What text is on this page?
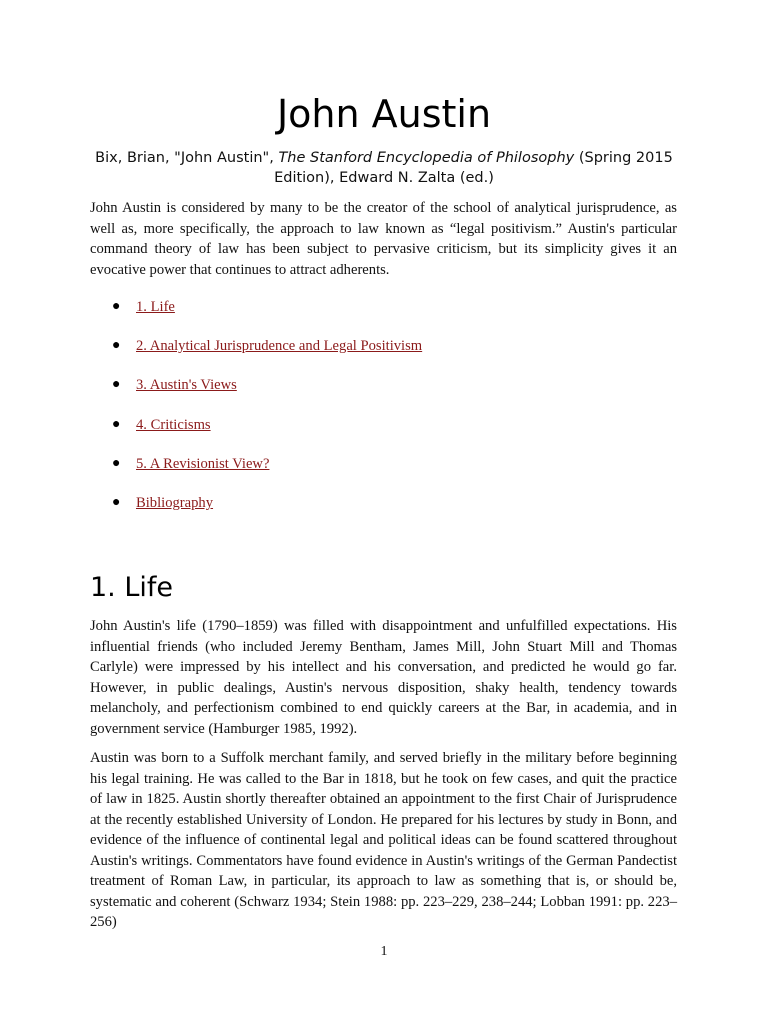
John Austin

Bix, Brian, "John Austin", The Stanford Encyclopedia of Philosophy (Spring 2015 Edition), Edward N. Zalta (ed.)

John Austin is considered by many to be the creator of the school of analytical jurisprudence, as well as, more specifically, the approach to law known as “legal positivism.” Austin's particular command theory of law has been subject to pervasive criticism, but its simplicity gives it an evocative power that continues to attract adherents.

● 1. Life
● 2. Analytical Jurisprudence and Legal Positivism
● 3. Austin's Views
● 4. Criticisms
● 5. A Revisionist View?
● Bibliography
1. Life

John Austin's life (1790–1859) was filled with disappointment and unfulfilled expectations. His influential friends (who included Jeremy Bentham, James Mill, John Stuart Mill and Thomas Carlyle) were impressed by his intellect and his conversation, and predicted he would go far. However, in public dealings, Austin's nervous disposition, shaky health, tendency towards melancholy, and perfectionism combined to end quickly careers at the Bar, in academia, and in government service (Hamburger 1985, 1992).

Austin was born to a Suffolk merchant family, and served briefly in the military before beginning his legal training. He was called to the Bar in 1818, but he took on few cases, and quit the practice of law in 1825. Austin shortly thereafter obtained an appointment to the first Chair of Jurisprudence at the recently established University of London. He prepared for his lectures by study in Bonn, and evidence of the influence of continental legal and political ideas can be found scattered throughout Austin's writings. Commentators have found evidence in Austin's writings of the German Pandectist treatment of Roman Law, in particular, its approach to law as something that is, or should be, systematic and coherent (Schwarz 1934; Stein 1988: pp. 223–229, 238–244; Lobban 1991: pp. 223–256)

1
